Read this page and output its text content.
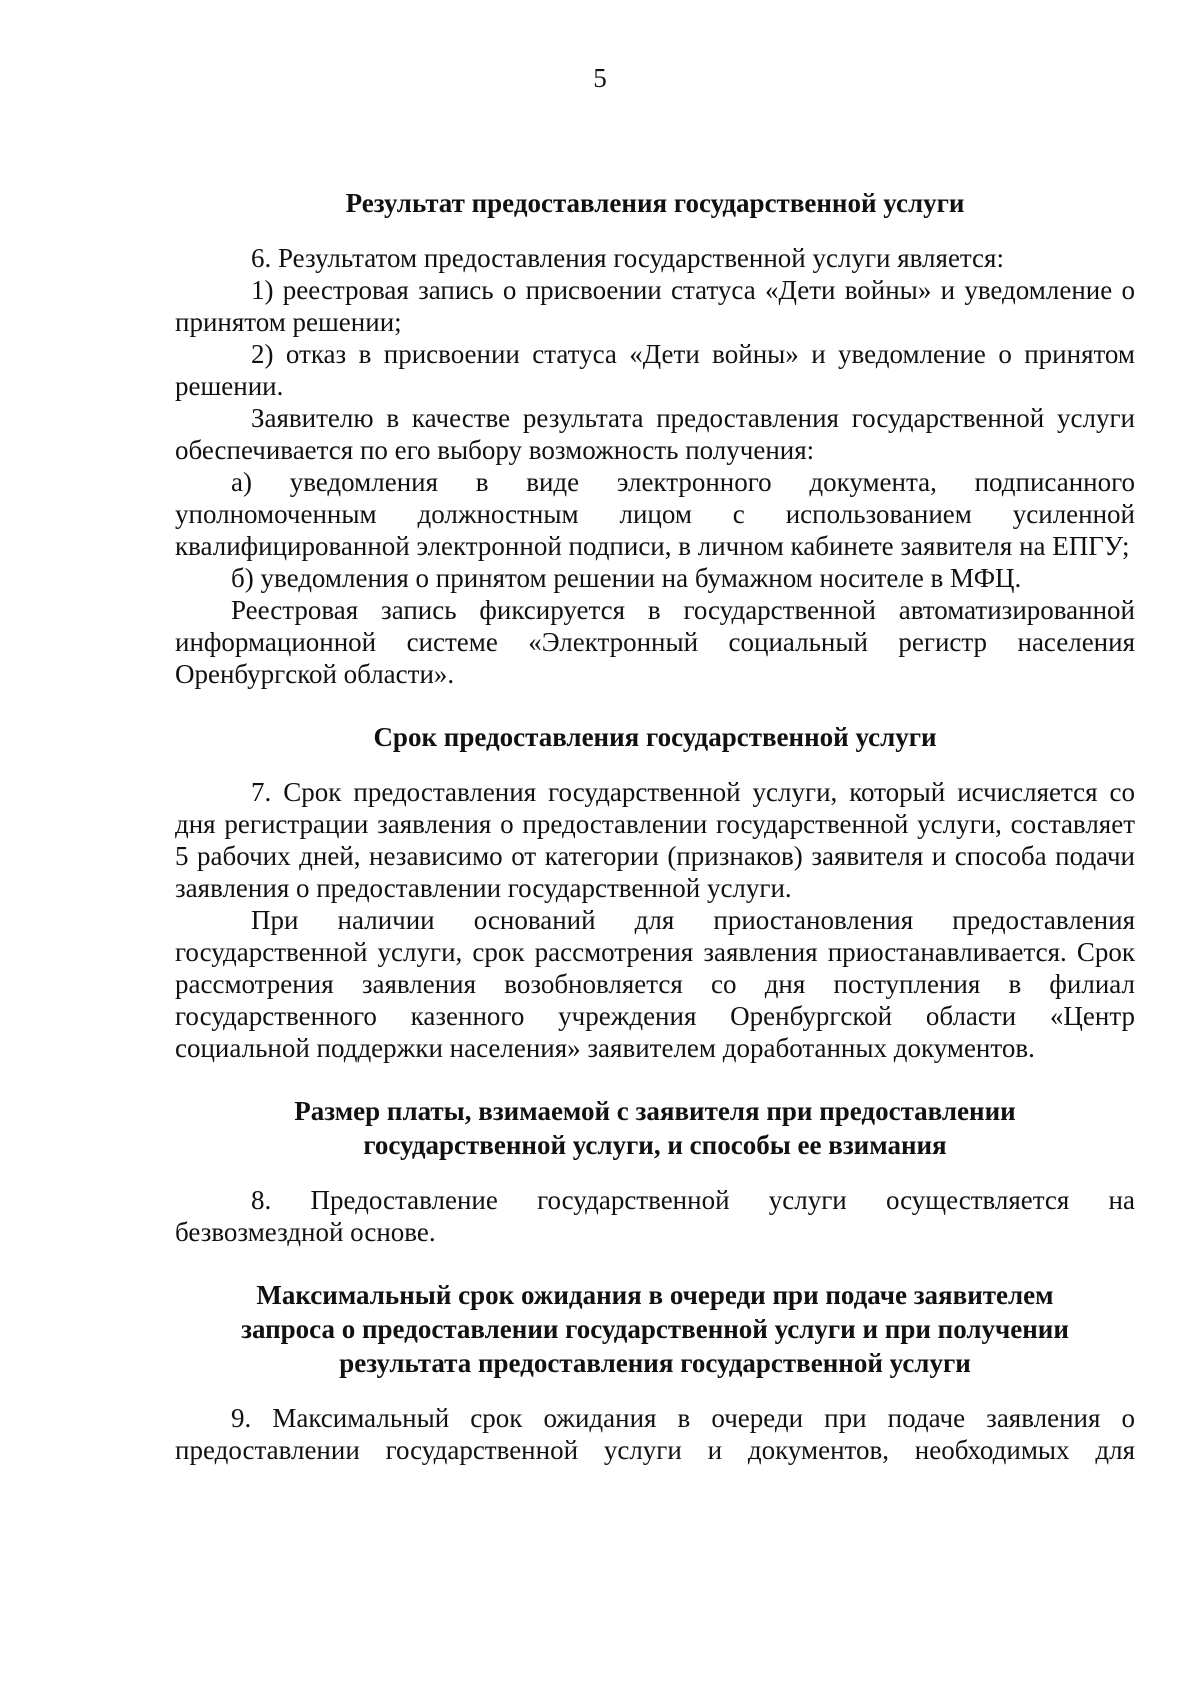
5
Результат предоставления государственной услуги

6. Результатом предоставления государственной услуги является:

1) реестровая запись о присвоении статуса «Дети войны» и уведомление о принятом решении;

2) отказ в присвоении статуса «Дети войны» и уведомление о принятом решении.

Заявителю в качестве результата предоставления государственной услуги обеспечивается по его выбору возможность получения:

а) уведомления в виде электронного документа, подписанного уполномоченным должностным лицом с использованием усиленной квалифицированной электронной подписи, в личном кабинете заявителя на ЕПГУ;

б) уведомления о принятом решении на бумажном носителе в МФЦ.

Реестровая запись фиксируется в государственной автоматизированной информационной системе «Электронный социальный регистр населения Оренбургской области».

Срок предоставления государственной услуги

7. Срок предоставления государственной услуги, который исчисляется со дня регистрации заявления о предоставлении государственной услуги, составляет 5 рабочих дней, независимо от категории (признаков) заявителя и способа подачи заявления о предоставлении государственной услуги.

При наличии оснований для приостановления предоставления государственной услуги, срок рассмотрения заявления приостанавливается. Срок рассмотрения заявления возобновляется со дня поступления в филиал государственного казенного учреждения Оренбургской области «Центр социальной поддержки населения» заявителем доработанных документов.

Размер платы, взимаемой с заявителя при предоставлении
государственной услуги, и способы ее взимания

8. Предоставление государственной услуги осуществляется на безвозмездной основе.

Максимальный срок ожидания в очереди при подаче заявителем
запроса о предоставлении государственной услуги и при получении
результата предоставления государственной услуги

9. Максимальный срок ожидания в очереди при подаче заявления о предоставлении государственной услуги и документов, необходимых для
